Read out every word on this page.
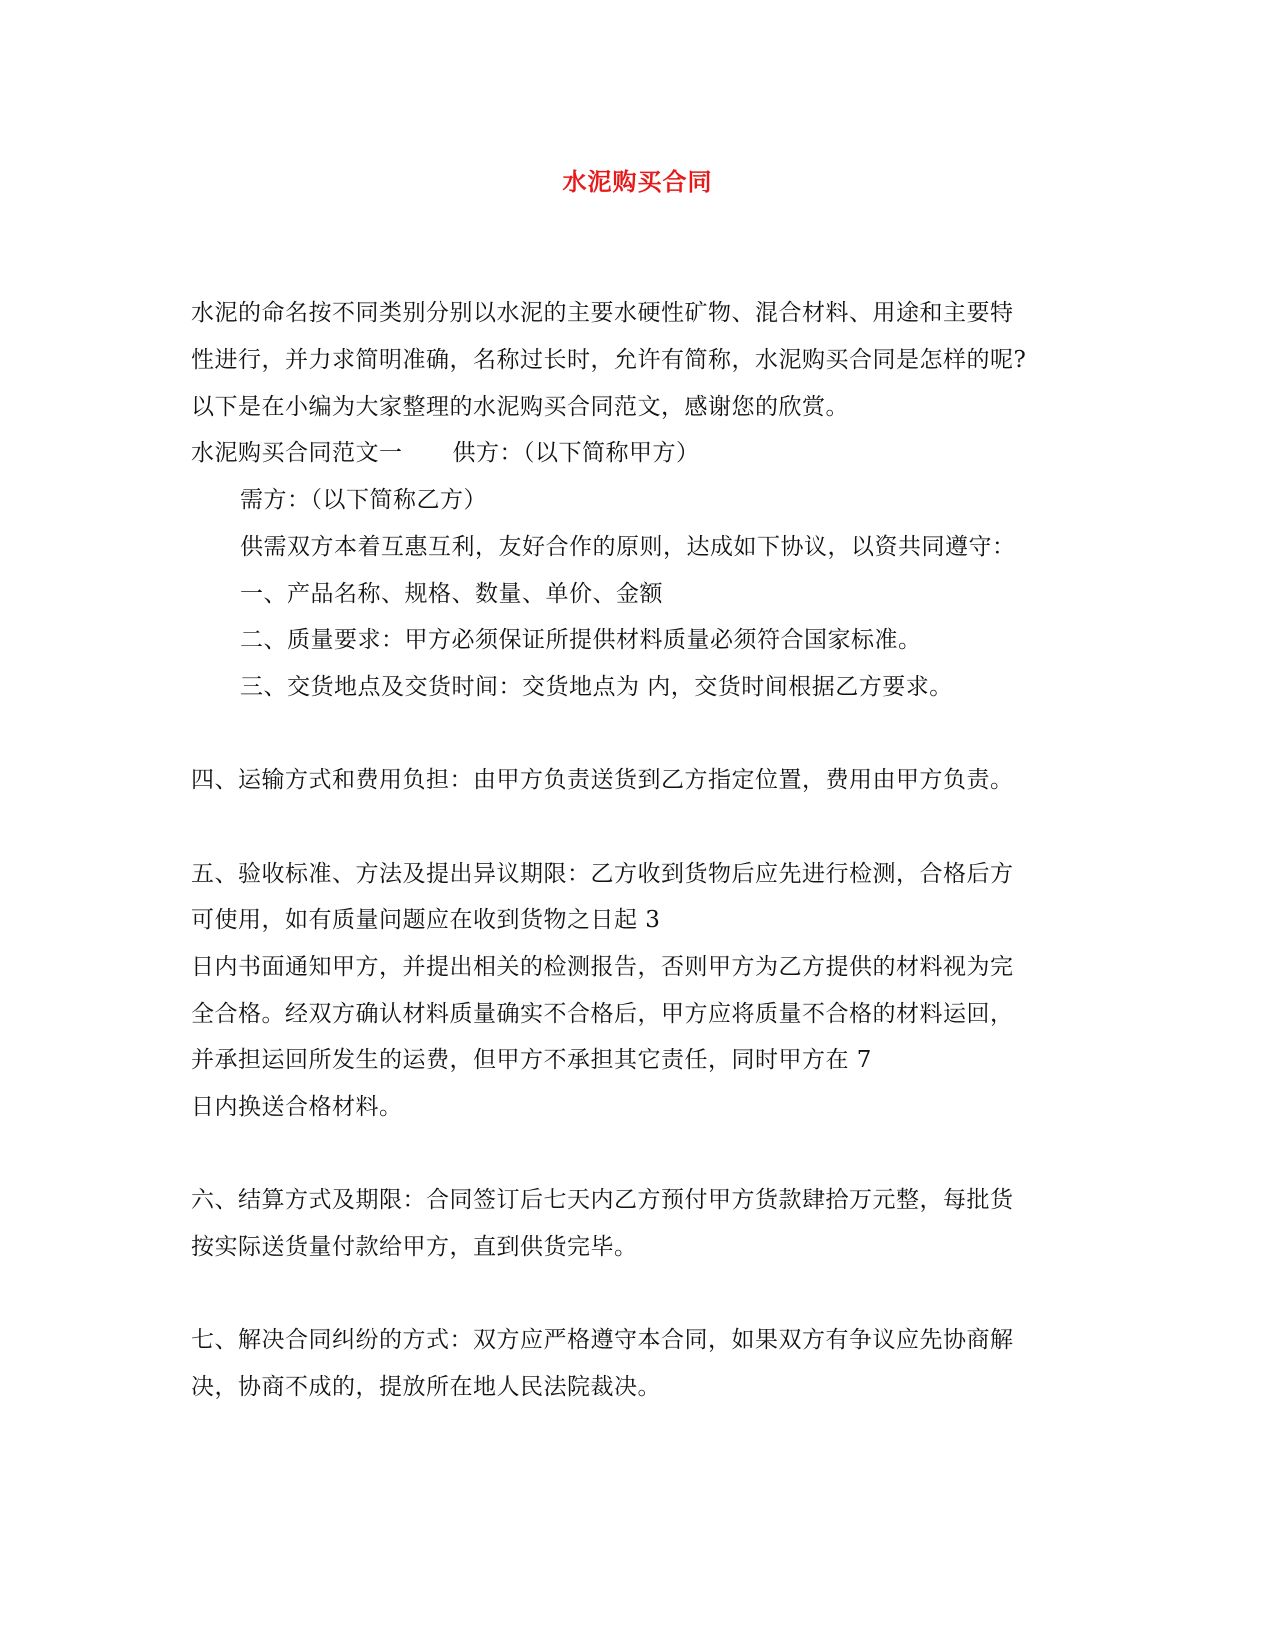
水泥购买合同
水泥的命名按不同类别分别以水泥的主要水硬性矿物、混合材料、用途和主要特
性进行，并力求简明准确，名称过长时，允许有简称，水泥购买合同是怎样的呢?
以下是在小编为大家整理的水泥购买合同范文，感谢您的欣赏。
水泥购买合同范文一 供方：（以下简称甲方）
需方：（以下简称乙方）
供需双方本着互惠互利，友好合作的原则，达成如下协议，以资共同遵守：
一、产品名称、规格、数量、单价、金额
二、质量要求：甲方必须保证所提供材料质量必须符合国家标准。
三、交货地点及交货时间：交货地点为 内，交货时间根据乙方要求。
四、运输方式和费用负担：由甲方负责送货到乙方指定位置，费用由甲方负责。
五、验收标准、方法及提出异议期限：乙方收到货物后应先进行检测，合格后方
可使用，如有质量问题应在收到货物之日起 3
日内书面通知甲方，并提出相关的检测报告，否则甲方为乙方提供的材料视为完
全合格。经双方确认材料质量确实不合格后，甲方应将质量不合格的材料运回，
并承担运回所发生的运费，但甲方不承担其它责任，同时甲方在 7
日内换送合格材料。
六、结算方式及期限：合同签订后七天内乙方预付甲方货款肆拾万元整，每批货
按实际送货量付款给甲方，直到供货完毕。
七、解决合同纠纷的方式：双方应严格遵守本合同，如果双方有争议应先协商解
决，协商不成的，提放所在地人民法院裁决。
